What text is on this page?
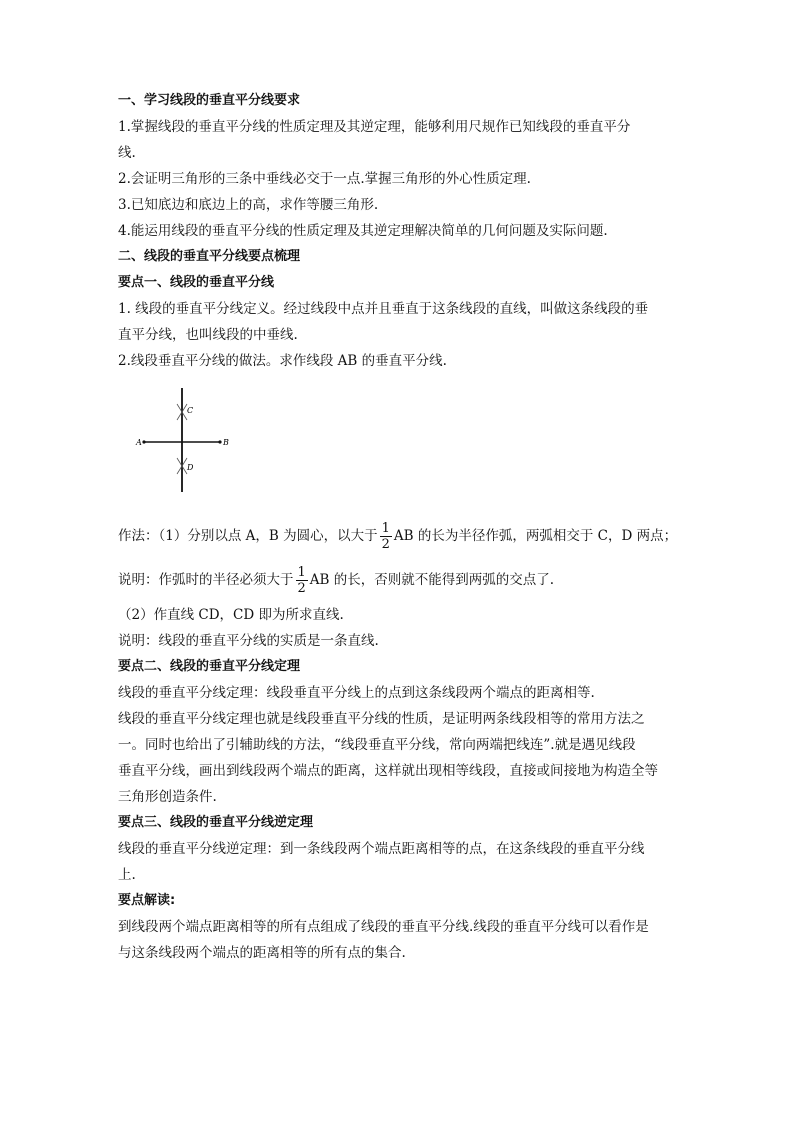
一、学习线段的垂直平分线要求
1.掌握线段的垂直平分线的性质定理及其逆定理，能够利用尺规作已知线段的垂直平分
线.
2.会证明三角形的三条中垂线必交于一点.掌握三角形的外心性质定理.
3.已知底边和底边上的高，求作等腰三角形.
4.能运用线段的垂直平分线的性质定理及其逆定理解决简单的几何问题及实际问题.
二、线段的垂直平分线要点梳理
要点一、线段的垂直平分线
1. 线段的垂直平分线定义。经过线段中点并且垂直于这条线段的直线，叫做这条线段的垂
直平分线，也叫线段的中垂线.
2.线段垂直平分线的做法。求作线段 AB 的垂直平分线.
A	B
C
D
作法：（1）分别以点 A，B 为圆心，以大于 $\frac{1}{2}$ AB 的长为半径作弧，两弧相交于 C，D 两点；
说明：作弧时的半径必须大于 $\frac{1}{2}$ AB 的长，否则就不能得到两弧的交点了.
（2）作直线 CD，CD 即为所求直线.
说明：线段的垂直平分线的实质是一条直线.
要点二、线段的垂直平分线定理
线段的垂直平分线定理：线段垂直平分线上的点到这条线段两个端点的距离相等.
线段的垂直平分线定理也就是线段垂直平分线的性质，是证明两条线段相等的常用方法之
一。同时也给出了引辅助线的方法，“线段垂直平分线，常向两端把线连”.就是遇见线段
垂直平分线，画出到线段两个端点的距离，这样就出现相等线段，直接或间接地为构造全等
三角形创造条件.
要点三、线段的垂直平分线逆定理
线段的垂直平分线逆定理：到一条线段两个端点距离相等的点，在这条线段的垂直平分线
上.
要点解读:
到线段两个端点距离相等的所有点组成了线段的垂直平分线.线段的垂直平分线可以看作是
与这条线段两个端点的距离相等的所有点的集合.
